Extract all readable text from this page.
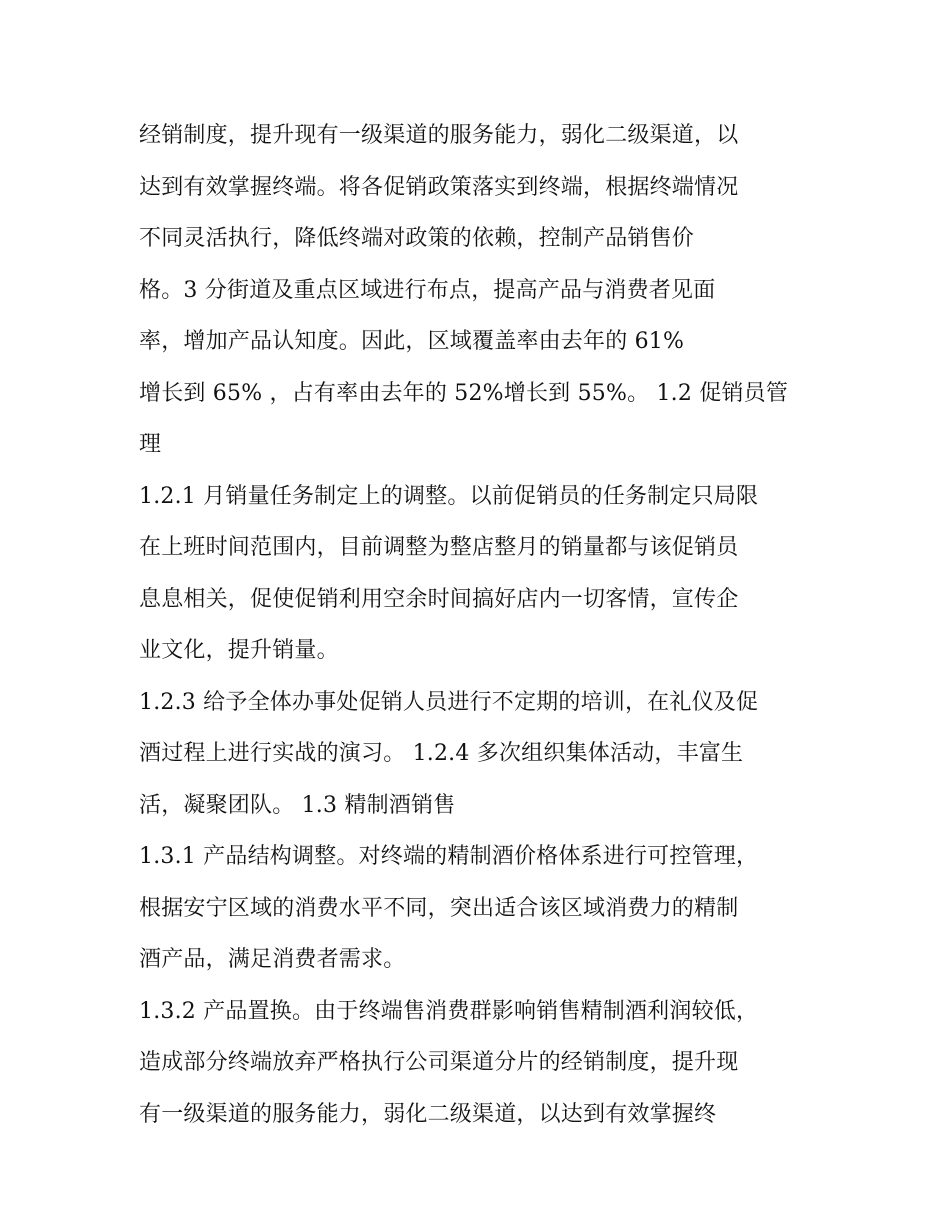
经销制度，提升现有一级渠道的服务能力，弱化二级渠道，以
达到有效掌握终端。将各促销政策落实到终端，根据终端情况
不同灵活执行，降低终端对政策的依赖，控制产品销售价
格。3 分街道及重点区域进行布点，提高产品与消费者见面
率，增加产品认知度。因此，区域覆盖率由去年的 61%
增长到 65% ，占有率由去年的 52%增长到 55%。 1.2 促销员管
理
1.2.1 月销量任务制定上的调整。以前促销员的任务制定只局限
在上班时间范围内，目前调整为整店整月的销量都与该促销员
息息相关，促使促销利用空余时间搞好店内一切客情，宣传企
业文化，提升销量。
1.2.3 给予全体办事处促销人员进行不定期的培训，在礼仪及促
酒过程上进行实战的演习。 1.2.4 多次组织集体活动，丰富生
活，凝聚团队。 1.3 精制酒销售
1.3.1 产品结构调整。对终端的精制酒价格体系进行可控管理，
根据安宁区域的消费水平不同，突出适合该区域消费力的精制
酒产品，满足消费者需求。
1.3.2 产品置换。由于终端售消费群影响销售精制酒利润较低，
造成部分终端放弃严格执行公司渠道分片的经销制度，提升现
有一级渠道的服务能力，弱化二级渠道，以达到有效掌握终
